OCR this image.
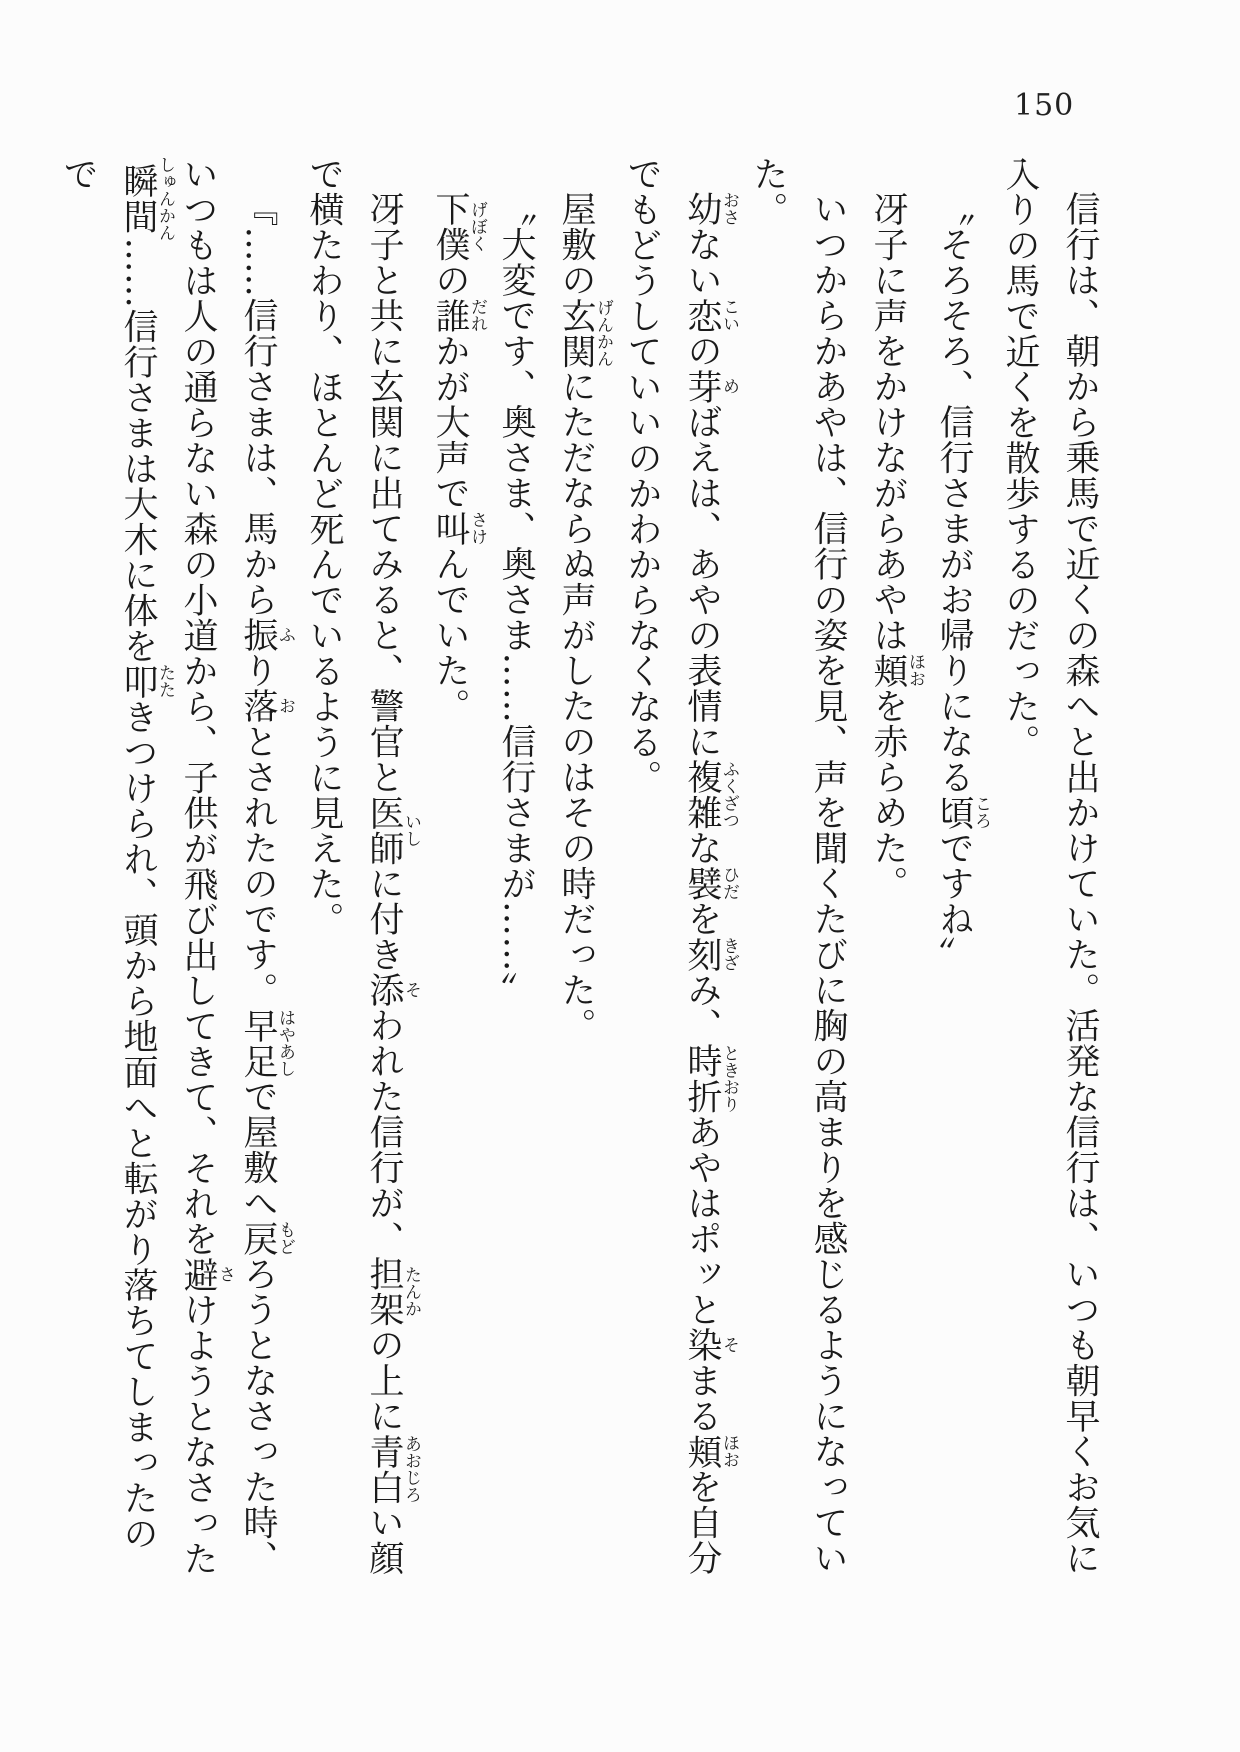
150

信行は、朝から乗馬で近くの森へと出かけていた。活発な信行は、いつも朝早くお気に入りの馬で近くを散歩するのだった。

〝そろそろ、信行さまがお帰りになる頃ころですね〟

冴子に声をかけながらあやは頬ほおを赤らめた。

いつからかあやは、信行の姿を見、声を聞くたびに胸の高まりを感じるようになっていた。

幼おさない恋こいの芽めばえは、あやの表情に複雑ふくざつな襞ひだを刻きざみ、時折ときおりあやはポッと染そまる頬ほおを自分でもどうしていいのかわからなくなる。

屋敷の玄関げんかんにただならぬ声がしたのはその時だった。

〝大変です、奥さま、奥さま……信行さまが……〟

下僕げぼくの誰だれかが大声で叫さけんでいた。

冴子と共に玄関に出てみると、警官と医師いしに付き添そわれた信行が、担架たんかの上に青白あおじろい顔で横たわり、ほとんど死んでいるように見えた。

『……信行さまは、馬から振ふり落おとされたのです。早足はやあしで屋敷へ戻もどろうとなさった時、いつもは人の通らない森の小道から、子供が飛び出してきて、それを避さけようとなさった瞬間しゅんかん……信行さまは大木に体を叩たたきつけられ、頭から地面へと転がり落ちてしまったので
